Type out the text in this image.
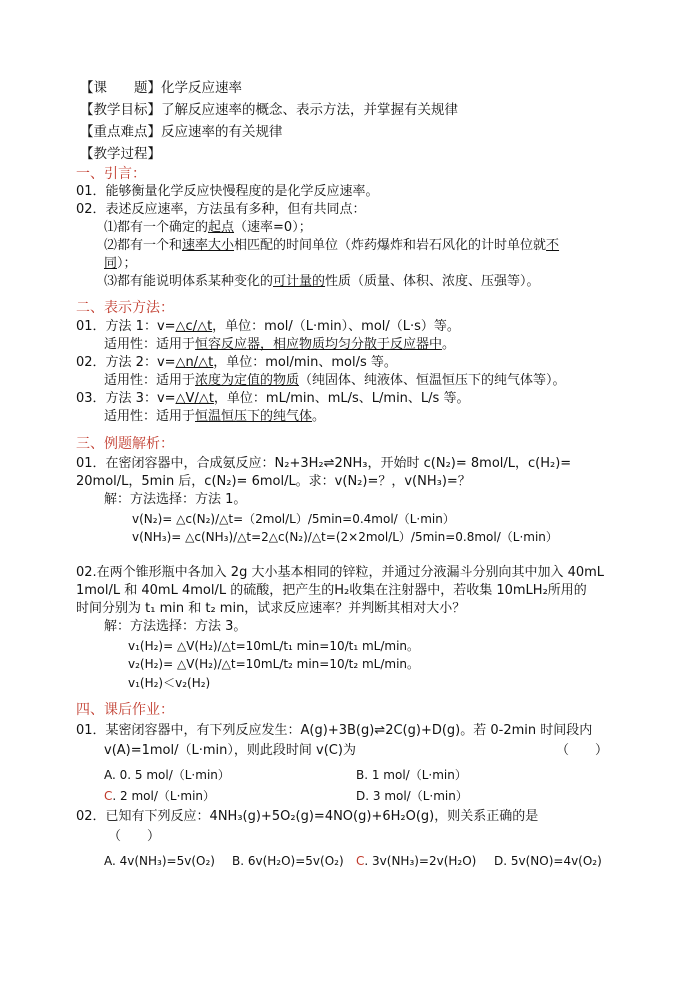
【课　　题】化学反应速率
【教学目标】了解反应速率的概念、表示方法，并掌握有关规律
【重点难点】反应速率的有关规律
【教学过程】
一、引言：
01．能够衡量化学反应快慢程度的是化学反应速率。
02．表述反应速率，方法虽有多种，但有共同点：
⑴都有一个确定的起点（速率=0）；
⑵都有一个和速率大小相匹配的时间单位（炸药爆炸和岩石风化的计时单位就不
同）；
⑶都有能说明体系某种变化的可计量的性质（质量、体积、浓度、压强等）。
二、表示方法：
01．方法 1：v=△c/△t，单位：mol/（L·min）、mol/（L·s）等。
适用性：适用于恒容反应器，相应物质均匀分散于反应器中。
02．方法 2：v=△n/△t，单位：mol/min、mol/s 等。
适用性：适用于浓度为定值的物质（纯固体、纯液体、恒温恒压下的纯气体等）。
03．方法 3：v=△V/△t，单位：mL/min、mL/s、L/min、L/s 等。
适用性：适用于恒温恒压下的纯气体。
三、例题解析：
01．在密闭容器中，合成氨反应：N₂+3H₂⇌2NH₃，开始时 c(N₂)= 8mol/L，c(H₂)=
20mol/L，5min 后，c(N₂)= 6mol/L。求：v(N₂)=？，v(NH₃)=？
解：方法选择：方法 1。
v(N₂)= △c(N₂)/△t=（2mol/L）/5min=0.4mol/（L·min）
v(NH₃)= △c(NH₃)/△t=2△c(N₂)/△t=(2×2mol/L）/5min=0.8mol/（L·min）
02.在两个锥形瓶中各加入 2g 大小基本相同的锌粒，并通过分液漏斗分别向其中加入 40mL
1mol/L 和 40mL 4mol/L 的硫酸，把产生的H₂收集在注射器中，若收集 10mLH₂所用的
时间分别为 t₁ min 和 t₂ min，试求反应速率？并判断其相对大小？
解：方法选择：方法 3。
v₁(H₂)= △V(H₂)/△t=10mL/t₁ min=10/t₁ mL/min。
v₂(H₂)= △V(H₂)/△t=10mL/t₂ min=10/t₂ mL/min。
v₁(H₂)＜v₂(H₂)
四、课后作业：
01．某密闭容器中，有下列反应发生：A(g)+3B(g)⇌2C(g)+D(g)。若 0-2min 时间段内
v(A)=1mol/（L·min），则此段时间 v(C)为	（　　）
A. 0. 5 mol/（L·min）	B. 1 mol/（L·min）
C. 2 mol/（L·min）	D. 3 mol/（L·min）
02．已知有下列反应：4NH₃(g)+5O₂(g)=4NO(g)+6H₂O(g)，则关系正确的是
（　　）
A. 4v(NH₃)=5v(O₂) B. 6v(H₂O)=5v(O₂) C. 3v(NH₃)=2v(H₂O) D. 5v(NO)=4v(O₂)
